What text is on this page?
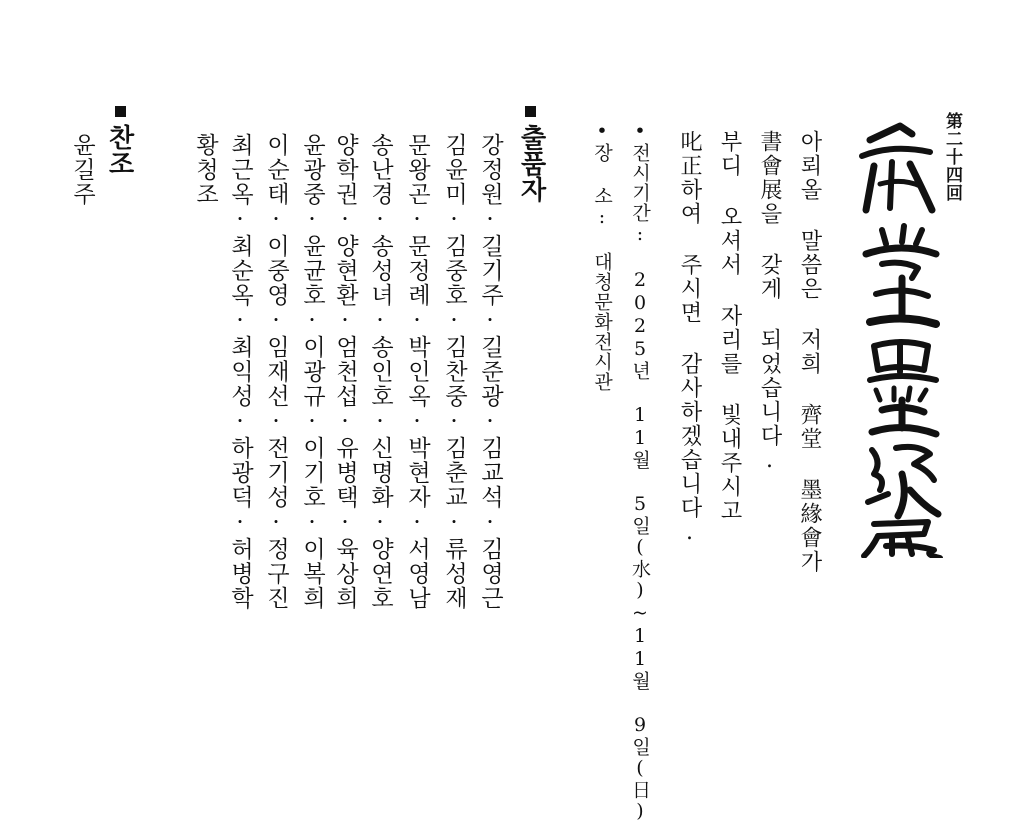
第二十四回
아뢰올 말씀은 저희 齊堂 墨緣會가
書會展을 갖게 되었습니다.
부디 오셔서 자리를 빛내주시고
叱正하여 주시면 감사하겠습니다.
•전시기간: 2025년 11월 5일(水)~11월 9일(日)
•장 소: 대청문화전시관
출품자
강정원·길기주·길준광·김교석·김영근
김윤미·김중호·김찬중·김춘교·류성재
문왕곤·문정례·박인옥·박현자·서영남
송난경·송성녀·송인호·신명화·양연호
양학권·양현환·엄천섭·유병택·육상희
윤광중·윤균호·이광규·이기호·이복희
이순태·이중영·임재선·전기성·정구진
최근옥·최순옥·최익성·하광덕·허병학
황청조
찬조
윤길주
